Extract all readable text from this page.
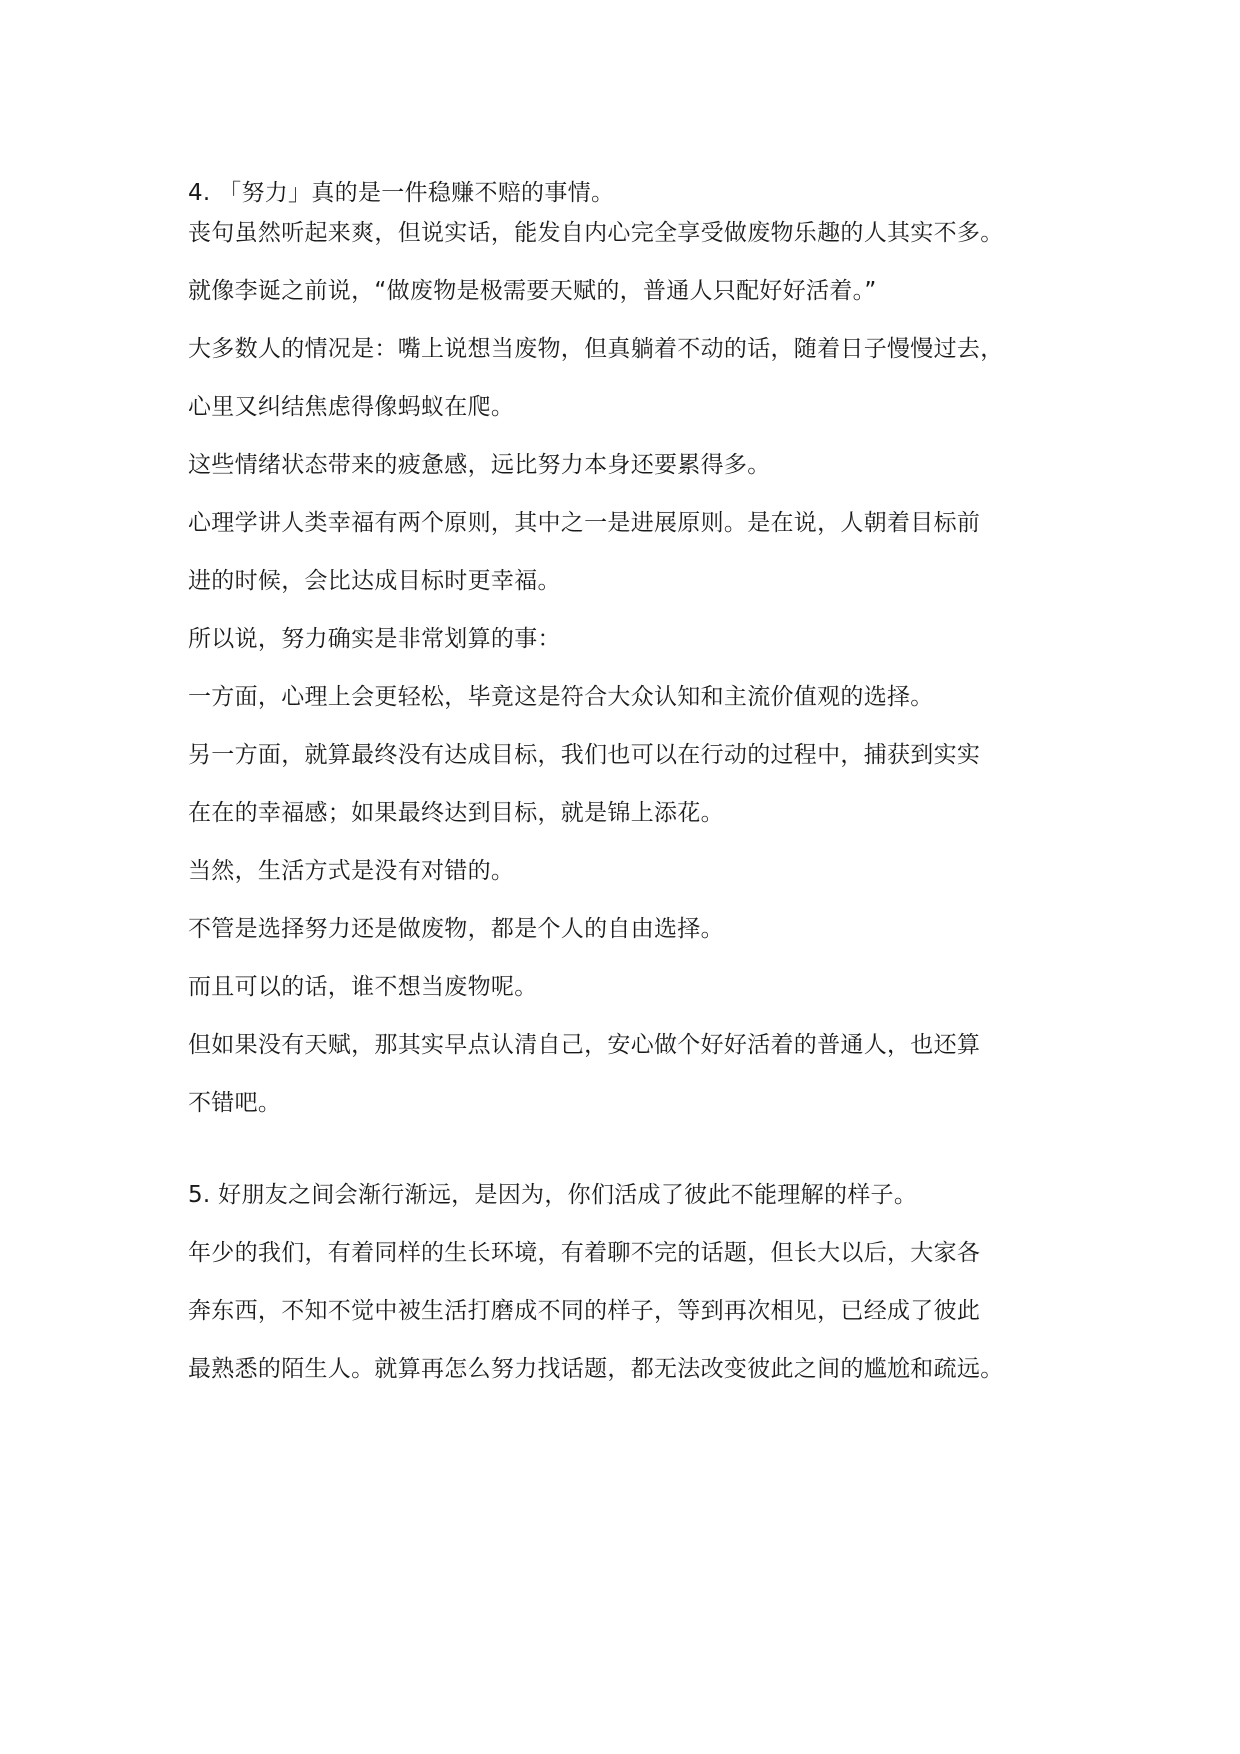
4. 「努力」真的是一件稳赚不赔的事情。
丧句虽然听起来爽，但说实话，能发自内心完全享受做废物乐趣的人其实不多。
就像李诞之前说，“做废物是极需要天赋的，普通人只配好好活着。”
大多数人的情况是：嘴上说想当废物，但真躺着不动的话，随着日子慢慢过去，
心里又纠结焦虑得像蚂蚁在爬。
这些情绪状态带来的疲惫感，远比努力本身还要累得多。
心理学讲人类幸福有两个原则，其中之一是进展原则。是在说，人朝着目标前
进的时候，会比达成目标时更幸福。
所以说，努力确实是非常划算的事：
一方面，心理上会更轻松，毕竟这是符合大众认知和主流价值观的选择。
另一方面，就算最终没有达成目标，我们也可以在行动的过程中，捕获到实实
在在的幸福感；如果最终达到目标，就是锦上添花。
当然，生活方式是没有对错的。
不管是选择努力还是做废物，都是个人的自由选择。
而且可以的话，谁不想当废物呢。
但如果没有天赋，那其实早点认清自己，安心做个好好活着的普通人，也还算
不错吧。
5. 好朋友之间会渐行渐远，是因为，你们活成了彼此不能理解的样子。
年少的我们，有着同样的生长环境，有着聊不完的话题，但长大以后，大家各
奔东西，不知不觉中被生活打磨成不同的样子，等到再次相见，已经成了彼此
最熟悉的陌生人。就算再怎么努力找话题，都无法改变彼此之间的尴尬和疏远。
